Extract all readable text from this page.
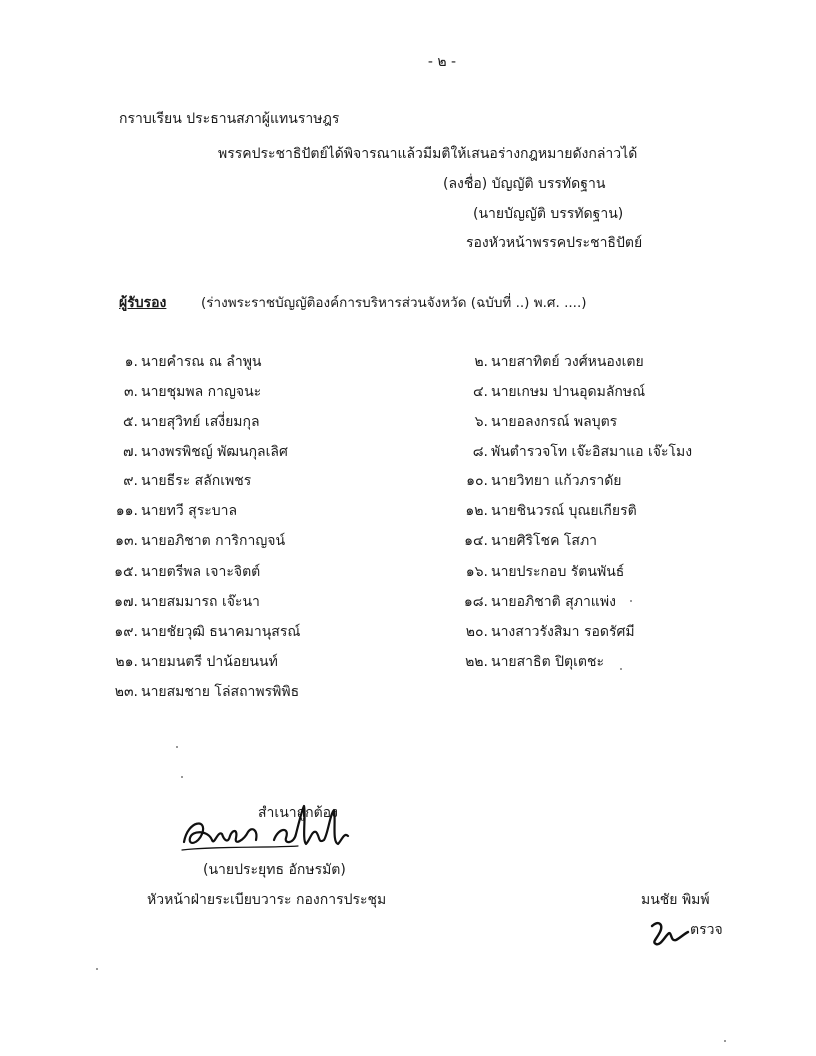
- ๒ -
กราบเรียน ประธานสภาผู้แทนราษฎร
พรรคประชาธิปัตย์ได้พิจารณาแล้วมีมติให้เสนอร่างกฎหมายดังกล่าวได้
(ลงชื่อ) บัญญัติ บรรทัดฐาน
(นายบัญญัติ บรรทัดฐาน)
รองหัวหน้าพรรคประชาธิปัตย์
ผู้รับรอง	(ร่างพระราชบัญญัติองค์การบริหารส่วนจังหวัด (ฉบับที่ ..) พ.ศ. ....)
๑. นายคำรณ ณ ลำพูน
๓. นายชุมพล กาญจนะ
๕. นายสุวิทย์ เสงี่ยมกุล
๗. นางพรพิชญ์ พัฒนกุลเลิศ
๙. นายธีระ สลักเพชร
๑๑. นายทวี สุระบาล
๑๓. นายอภิชาต การิกาญจน์
๑๕. นายตรีพล เจาะจิตต์
๑๗. นายสมมารถ เจ๊ะนา
๑๙. นายชัยวุฒิ ธนาคมานุสรณ์
๒๑. นายมนตรี ปาน้อยนนท์
๒๓. นายสมชาย โล่สถาพรพิพิธ
๒. นายสาทิตย์ วงศ์หนองเตย
๔. นายเกษม ปานอุดมลักษณ์
๖. นายอลงกรณ์ พลบุตร
๘. พันตำรวจโท เจ๊ะอิสมาแอ เจ๊ะโมง
๑๐. นายวิทยา แก้วภราดัย
๑๒. นายชินวรณ์ บุณยเกียรติ
๑๔. นายศิริโชค โสภา
๑๖. นายประกอบ รัตนพันธ์
๑๘. นายอภิชาติ สุภาแพ่ง
๒๐. นางสาวรังสิมา รอดรัศมี
๒๒. นายสาธิต ปิตุเตชะ
สำเนาถูกต้อง
(นายประยุทธ อักษรมัต)
หัวหน้าฝ่ายระเบียบวาระ กองการประชุม	มนชัย พิมพ์
ตรวจ
